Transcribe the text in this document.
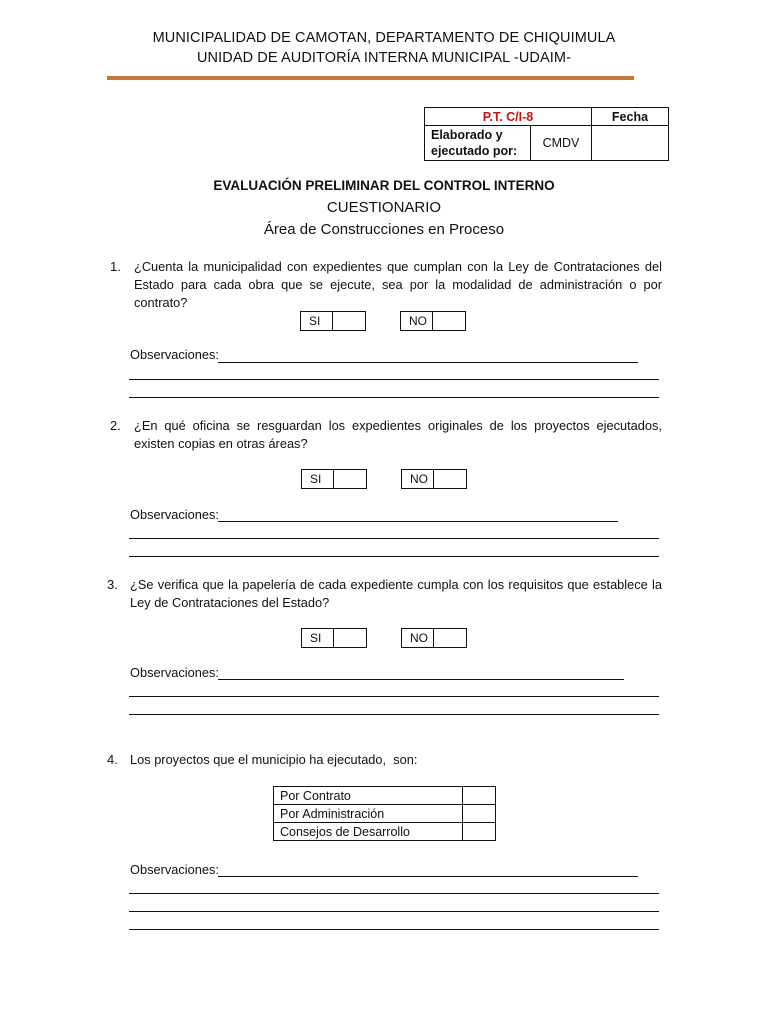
MUNICIPALIDAD DE CAMOTAN, DEPARTAMENTO DE CHIQUIMULA
UNIDAD DE AUDITORÍA INTERNA MUNICIPAL -UDAIM-
P.T. C/I-8		Fecha
Elaborado y ejecutado por:	CMDV	
EVALUACIÓN PRELIMINAR DEL CONTROL INTERNO
CUESTIONARIO
Área de Construcciones en Proceso
1. ¿Cuenta la municipalidad con expedientes que cumplan con la Ley de Contrataciones del Estado para cada obra que se ejecute, sea por la modalidad de administración o por contrato?
SI	NO
Observaciones:
2. ¿En qué oficina se resguardan los expedientes originales de los proyectos ejecutados, existen copias en otras áreas?
SI	NO
Observaciones:
3. ¿Se verifica que la papelería de cada expediente cumpla con los requisitos que establece la Ley de Contrataciones del Estado?
SI	NO
Observaciones:
4. Los proyectos que el municipio ha ejecutado,  son:
Por Contrato	
Por Administración	
Consejos de Desarrollo	
Observaciones:
